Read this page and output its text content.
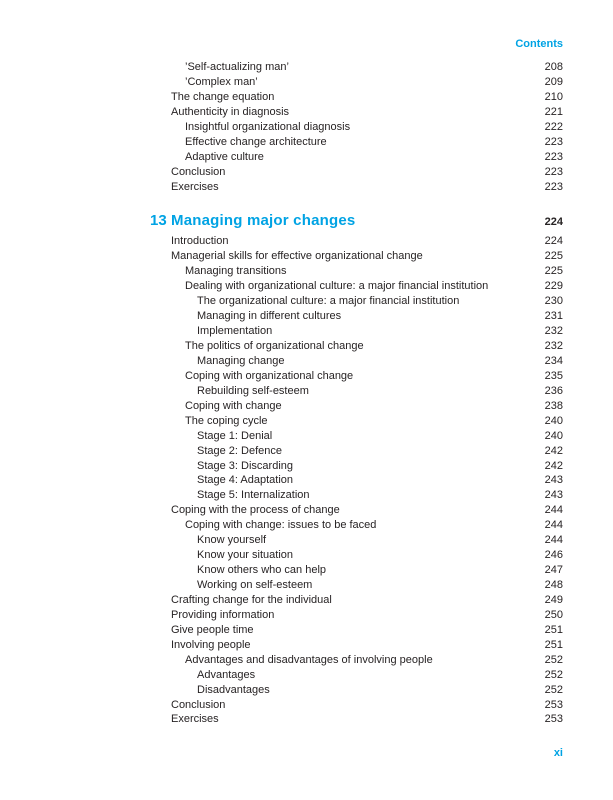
Contents
’Self-actualizing man’	208
’Complex man’	209
The change equation	210
Authenticity in diagnosis	221
Insightful organizational diagnosis	222
Effective change architecture	223
Adaptive culture	223
Conclusion	223
Exercises	223
13 Managing major changes	224
Introduction	224
Managerial skills for effective organizational change	225
Managing transitions	225
Dealing with organizational culture: a major financial institution	229
The organizational culture: a major financial institution	230
Managing in different cultures	231
Implementation	232
The politics of organizational change	232
Managing change	234
Coping with organizational change	235
Rebuilding self-esteem	236
Coping with change	238
The coping cycle	240
Stage 1: Denial	240
Stage 2: Defence	242
Stage 3: Discarding	242
Stage 4: Adaptation	243
Stage 5: Internalization	243
Coping with the process of change	244
Coping with change: issues to be faced	244
Know yourself	244
Know your situation	246
Know others who can help	247
Working on self-esteem	248
Crafting change for the individual	249
Providing information	250
Give people time	251
Involving people	251
Advantages and disadvantages of involving people	252
Advantages	252
Disadvantages	252
Conclusion	253
Exercises	253
xi
